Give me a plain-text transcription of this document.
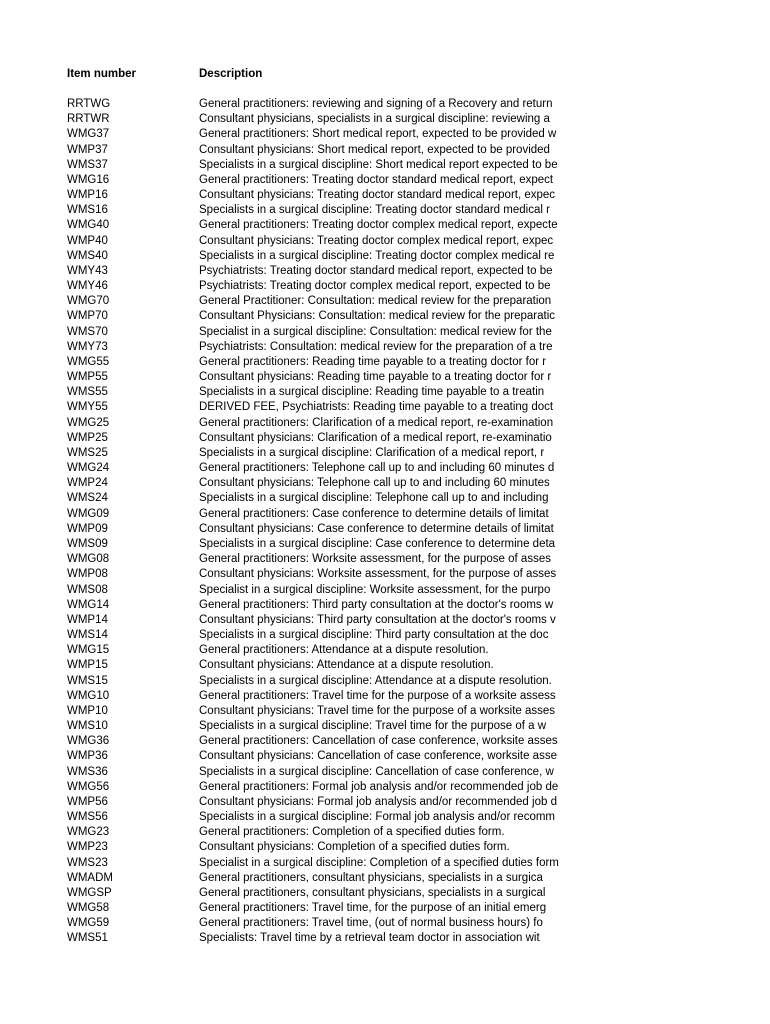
Item number	Description
RRTWG	General practitioners: reviewing and signing of a Recovery and return
RRTWR	Consultant physicians, specialists in a surgical discipline: reviewing a
WMG37	General practitioners: Short medical report, expected to be provided w
WMP37	Consultant physicians: Short medical report, expected to be provided
WMS37	Specialists in a surgical discipline: Short medical report expected to be
WMG16	General practitioners: Treating doctor standard medical report, expect
WMP16	Consultant physicians: Treating doctor standard medical report, expec
WMS16	Specialists in a surgical discipline: Treating doctor standard medical r
WMG40	General practitioners: Treating doctor complex medical report, expecte
WMP40	Consultant physicians: Treating doctor complex medical report, expec
WMS40	Specialists in a surgical discipline: Treating doctor complex medical re
WMY43	Psychiatrists: Treating doctor standard medical report, expected to be
WMY46	Psychiatrists: Treating doctor complex medical report, expected to be
WMG70	General Practitioner: Consultation: medical review for the preparation
WMP70	Consultant Physicians: Consultation: medical review for the preparatic
WMS70	Specialist in a surgical discipline: Consultation: medical review for the
WMY73	Psychiatrists: Consultation: medical review for the preparation of a tre
WMG55	General practitioners: Reading time payable to a treating doctor for r
WMP55	Consultant physicians: Reading time payable to a treating doctor for r
WMS55	Specialists in a surgical discipline: Reading time payable to a treatin
WMY55	DERIVED FEE, Psychiatrists: Reading time payable to a treating doct
WMG25	General practitioners: Clarification of a medical report, re-examination
WMP25	Consultant physicians: Clarification of a medical report, re-examinatio
WMS25	Specialists in a surgical discipline: Clarification of a medical report, r
WMG24	General practitioners: Telephone call up to and including 60 minutes d
WMP24	Consultant physicians: Telephone call up to and including 60 minutes
WMS24	Specialists in a surgical discipline: Telephone call up to and including
WMG09	General practitioners: Case conference to determine details of limitat
WMP09	Consultant physicians: Case conference to determine details of limitat
WMS09	Specialists in a surgical discipline: Case conference to determine deta
WMG08	General practitioners: Worksite assessment, for the purpose of asses
WMP08	Consultant physicians: Worksite assessment, for the purpose of asses
WMS08	Specialist in a surgical discipline: Worksite assessment, for the purpo
WMG14	General practitioners: Third party consultation at the doctor's rooms w
WMP14	Consultant physicians: Third party consultation at the doctor's rooms v
WMS14	Specialists in a surgical discipline: Third party consultation at the doc
WMG15	General practitioners: Attendance at a dispute resolution.
WMP15	Consultant physicians: Attendance at a dispute resolution.
WMS15	Specialists in a surgical discipline: Attendance at a dispute resolution.
WMG10	General practitioners: Travel time for the purpose of a worksite assess
WMP10	Consultant physicians: Travel time for the purpose of a worksite asses
WMS10	Specialists in a surgical discipline: Travel time for the purpose of a w
WMG36	General practitioners: Cancellation of case conference, worksite asses
WMP36	Consultant physicians: Cancellation of case conference, worksite asse
WMS36	Specialists in a surgical discipline: Cancellation of case conference, w
WMG56	General practitioners: Formal job analysis and/or recommended job de
WMP56	Consultant physicians: Formal job analysis and/or recommended job d
WMS56	Specialists in a surgical discipline: Formal job analysis and/or recomm
WMG23	General practitioners: Completion of a specified duties form.
WMP23	Consultant physicians: Completion of a specified duties form.
WMS23	Specialist in a surgical discipline: Completion of a specified duties form
WMADM	General practitioners, consultant physicians, specialists in a surgica
WMGSP	General practitioners, consultant physicians, specialists in a surgical
WMG58	General practitioners: Travel time, for the purpose of an initial emerg
WMG59	General practitioners: Travel time, (out of normal business hours) fo
WMS51	Specialists: Travel time by a retrieval team doctor in association wit
